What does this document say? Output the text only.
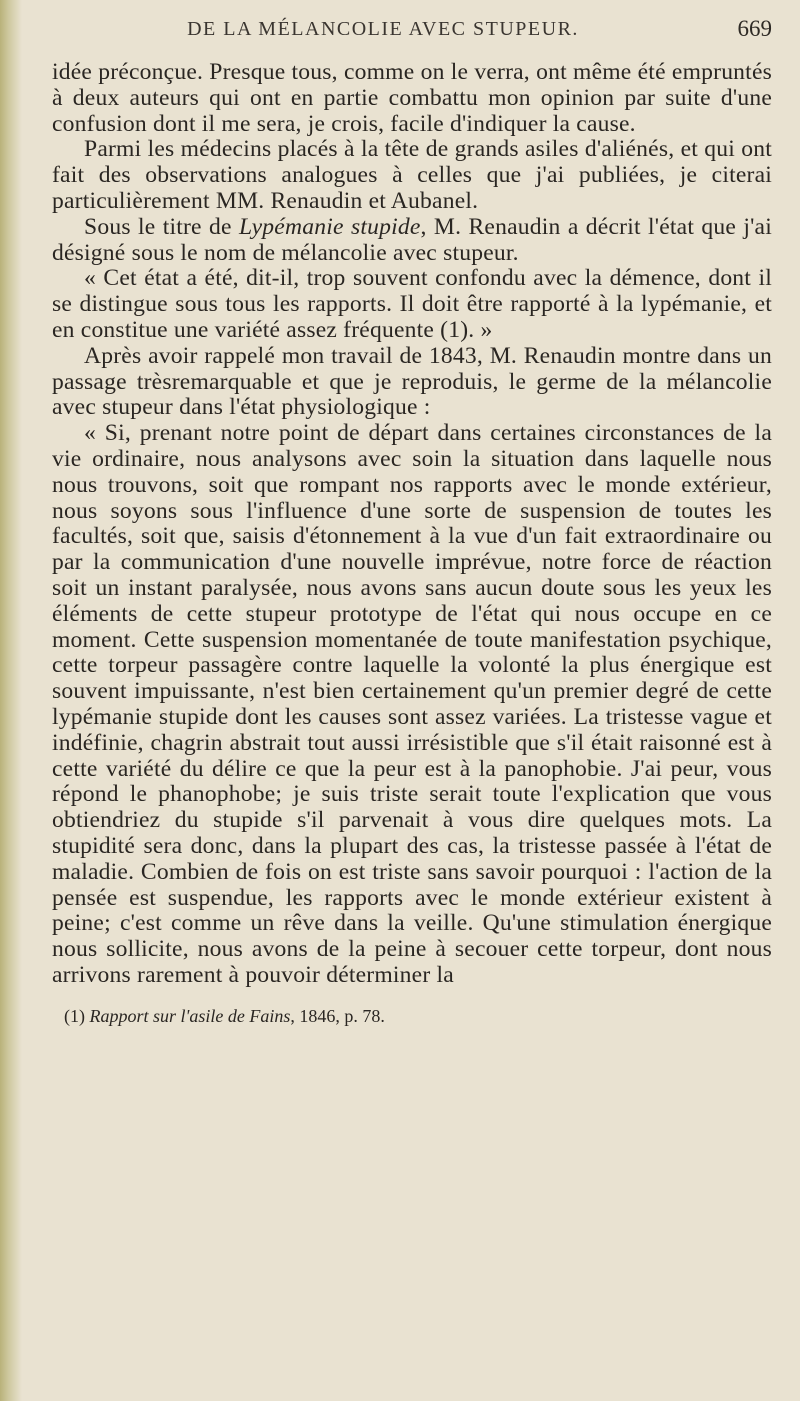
DE LA MÉLANCOLIE AVEC STUPEUR.	669

idée préconçue. Presque tous, comme on le verra, ont même été empruntés à deux auteurs qui ont en partie combattu mon opinion par suite d'une confusion dont il me sera, je crois, facile d'indiquer la cause.

Parmi les médecins placés à la tête de grands asiles d'aliénés, et qui ont fait des observations analogues à celles que j'ai publiées, je citerai particulièrement MM. Renaudin et Aubanel.

Sous le titre de Lypémanie stupide, M. Renaudin a décrit l'état que j'ai désigné sous le nom de mélancolie avec stupeur.

« Cet état a été, dit-il, trop souvent confondu avec la démence, dont il se distingue sous tous les rapports. Il doit être rapporté à la lypémanie, et en constitue une variété assez fréquente (1). »

Après avoir rappelé mon travail de 1843, M. Renaudin montre dans un passage trèsremarquable et que je reproduis, le germe de la mélancolie avec stupeur dans l'état physiologique :

« Si, prenant notre point de départ dans certaines circonstances de la vie ordinaire, nous analysons avec soin la situation dans laquelle nous nous trouvons, soit que rompant nos rapports avec le monde extérieur, nous soyons sous l'influence d'une sorte de suspension de toutes les facultés, soit que, saisis d'étonnement à la vue d'un fait extraordinaire ou par la communication d'une nouvelle imprévue, notre force de réaction soit un instant paralysée, nous avons sans aucun doute sous les yeux les éléments de cette stupeur prototype de l'état qui nous occupe en ce moment. Cette suspension momentanée de toute manifestation psychique, cette torpeur passagère contre laquelle la volonté la plus énergique est souvent impuissante, n'est bien certainement qu'un premier degré de cette lypémanie stupide dont les causes sont assez variées. La tristesse vague et indéfinie, chagrin abstrait tout aussi irrésistible que s'il était raisonné est à cette variété du délire ce que la peur est à la panophobie. J'ai peur, vous répond le phanophobe; je suis triste serait toute l'explication que vous obtiendriez du stupide s'il parvenait à vous dire quelques mots. La stupidité sera donc, dans la plupart des cas, la tristesse passée à l'état de maladie. Combien de fois on est triste sans savoir pourquoi : l'action de la pensée est suspendue, les rapports avec le monde extérieur existent à peine; c'est comme un rêve dans la veille. Qu'une stimulation énergique nous sollicite, nous avons de la peine à secouer cette torpeur, dont nous arrivons rarement à pouvoir déterminer la

(1) Rapport sur l'asile de Fains, 1846, p. 78.
